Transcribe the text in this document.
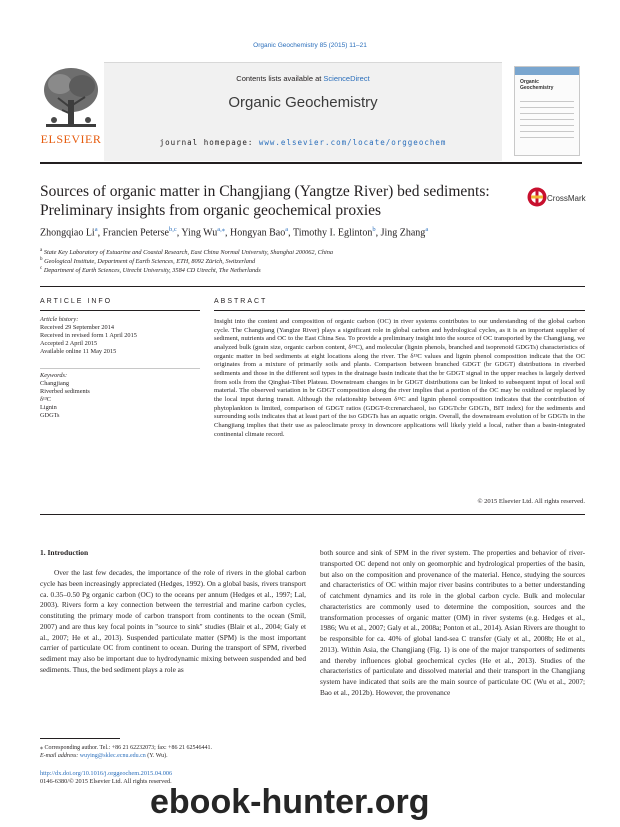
Organic Geochemistry 85 (2015) 11–21
Contents lists available at ScienceDirect
Organic Geochemistry
journal homepage: www.elsevier.com/locate/orggeochem
ELSEVIER
Organic
Geochemistry
Sources of organic matter in Changjiang (Yangtze River) bed sediments: Preliminary insights from organic geochemical proxies
CrossMark
Zhongqiao Li$^a$, Francien Peterse$^{b,c}$, Ying $Wu^{a,⁎}$, Hongyan Bao$^a$, Timothy I. Eglinton$^b$, Jing Zhang$^a$
$^a$ State Key Laboratory of Estuarine and Coastal Research, East China Normal University, Shanghai 200062, China
$^b$ Geological Institute, Department of Earth Sciences, ETH, 8092 Zürich, Switzerland
$^c$ Department of Earth Sciences, Utrecht University, 3584 CD Utrecht, The Netherlands
ARTICLE INFO	ABSTRACT
Article history:
Received 29 September 2014
Received in revised form 1 April 2015
Accepted 2 April 2015
Available online 11 May 2015
Keywords:
Changjiang
Riverbed sediments
δ¹³C
Lignin
GDGTs
Insight into the content and composition of organic carbon (OC) in river systems contributes to our understanding of the global carbon cycle. The Changjiang (Yangtze River) plays a significant role in global carbon and hydrological cycles, as it is an important supplier of sediment, nutrients and OC to the East China Sea. To provide a preliminary insight into the source of OC transported by the Changjiang, we analyzed bulk (grain size, organic carbon content, δ¹³C), and molecular (lignin phenols, branched and isoprenoid GDGTs) characteristics of organic matter in bed sediments at eight locations along the river. The δ¹³C values and lignin phenol composition indicate that the OC originates from a mixture of primarily soils and plants. Comparison between branched GDGT (br GDGT) distributions in riverbed sediments and those in the different soil types in the drainage basin indicate that the br GDGT signal in the upper reaches is largely derived from soils from the Qinghai-Tibet Plateau. Downstream changes in br GDGT distributions can be linked to subsequent input of local soil material. The observed variation in br GDGT composition along the river implies that a portion of the OC may be oxidized or replaced by the local input during transit. Although the relationship between δ¹³C and lignin phenol composition indicates that the contribution of phytoplankton is limited, comparison of GDGT ratios (GDGT-0:crenarchaeol, iso GDGTs:br GDGTs, BIT index) for the sediments and surrounding soils indicates that at least part of the iso GDGTs has an aquatic origin. Overall, the downstream evolution of br GDGTs in the Changjiang implies that their use as paleoclimate proxy in downcore applications will likely yield a local, rather than a basin-integrated continental climate record.
© 2015 Elsevier Ltd. All rights reserved.
1. Introduction

Over the last few decades, the importance of the role of rivers in the global carbon cycle has been increasingly appreciated (Hedges, 1992). On a global basis, rivers transport ca. 0.35–0.50 Pg organic carbon (OC) to the oceans per annum (Hedges et al., 1997; Lal, 2003). Rivers form a key connection between the terrestrial and marine carbon cycles, constituting the primary mode of carbon transport from continents to the ocean (Smil, 2007) and are thus key focal points in "source to sink" studies (Blair et al., 2004; Galy et al., 2007; He et al., 2013). Suspended particulate matter (SPM) is the most important carrier of particulate OC from continent to ocean. During the transport of SPM, riverbed sediment may also be important due to hydrodynamic mixing between suspended and bed sediments. Thus, the bed sediment plays a role as

both source and sink of SPM in the river system. The properties and behavior of river-transported OC depend not only on geomorphic and hydrological properties of the basin, but also on the composition and provenance of the material. Hence, studying the sources and characteristics of OC within major river basins contributes to a better understanding of catchment dynamics and its role in the global carbon cycle. Bulk and molecular characteristics are commonly used to determine the composition, sources and the transformation processes of organic matter (OM) in river systems (e.g. Hedges et al., 1986; Wu et al., 2007; Galy et al., 2008a; Ponton et al., 2014). Asian Rivers are thought to be responsible for ca. 40% of global land-sea C transfer (Galy et al., 2008b; He et al., 2013). Within Asia, the Changjiang (Fig. 1) is one of the major transporters of sediments and thereby influences global geochemical cycles (He et al., 2013). Studies of the characteristics of particulate and dissolved material and their transport in the Changjiang system have indicated that soils are the main source of particulate OC (Wu et al., 2007; Bao et al., 2012b). However, the provenance

⁎ Corresponding author. Tel.: +86 21 62232073; fax: +86 21 62546441.
E-mail address: wuying@sklec.ecnu.edu.cn (Y. Wu).
http://dx.doi.org/10.1016/j.orggeochem.2015.04.006
0146-6380/© 2015 Elsevier Ltd. All rights reserved.
ebook-hunter.org
